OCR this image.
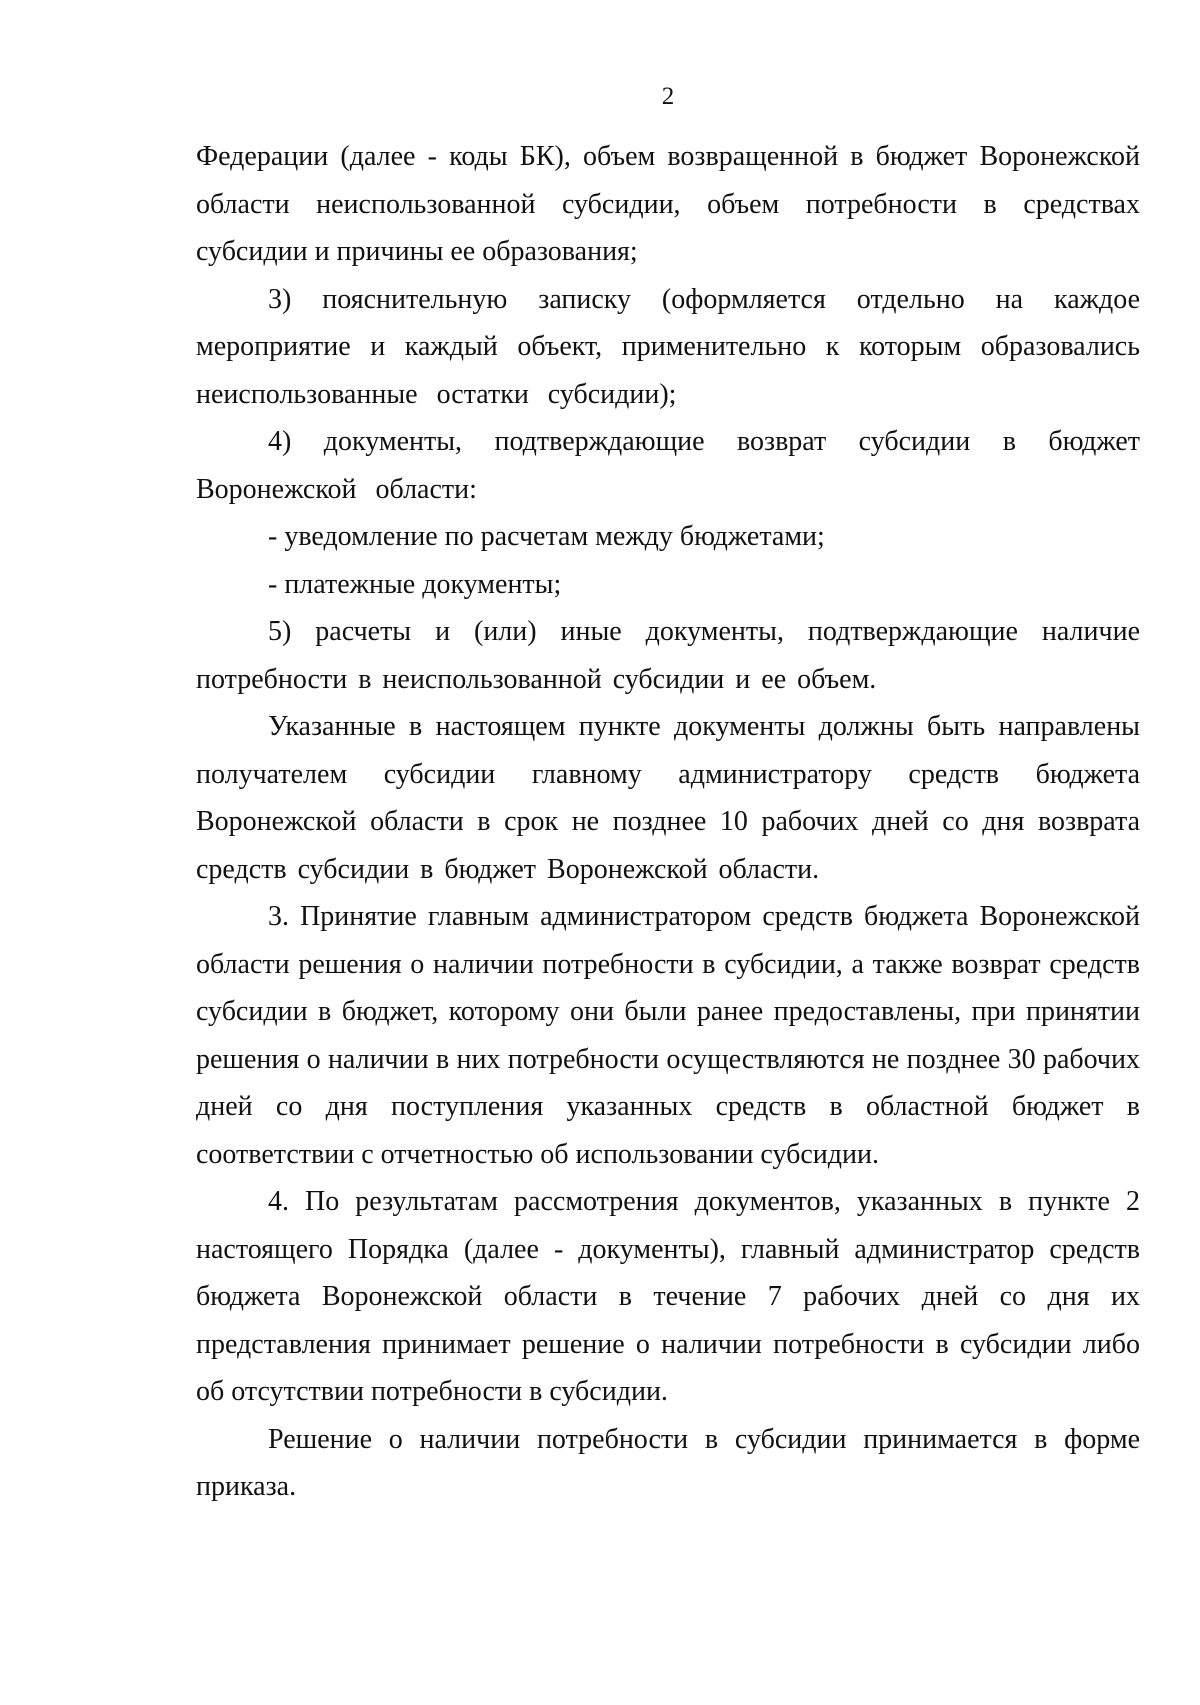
2

Федерации (далее - коды БК), объем возвращенной в бюджет Воронежской области неиспользованной субсидии, объем потребности в средствах субсидии и причины ее образования;

3) пояснительную записку (оформляется отдельно на каждое мероприятие и каждый объект, применительно к которым образовались неиспользованные остатки субсидии);

4) документы, подтверждающие возврат субсидии в бюджет Воронежской области:

- уведомление по расчетам между бюджетами;

- платежные документы;

5) расчеты и (или) иные документы, подтверждающие наличие потребности в неиспользованной субсидии и ее объем.

Указанные в настоящем пункте документы должны быть направлены получателем субсидии главному администратору средств бюджета Воронежской области в срок не позднее 10 рабочих дней со дня возврата средств субсидии в бюджет Воронежской области.

3. Принятие главным администратором средств бюджета Воронежской области решения о наличии потребности в субсидии, а также возврат средств субсидии в бюджет, которому они были ранее предоставлены, при принятии решения о наличии в них потребности осуществляются не позднее 30 рабочих дней со дня поступления указанных средств в областной бюджет в соответствии с отчетностью об использовании субсидии.

4. По результатам рассмотрения документов, указанных в пункте 2 настоящего Порядка (далее - документы), главный администратор средств бюджета Воронежской области в течение 7 рабочих дней со дня их представления принимает решение о наличии потребности в субсидии либо об отсутствии потребности в субсидии.

Решение о наличии потребности в субсидии принимается в форме приказа.
